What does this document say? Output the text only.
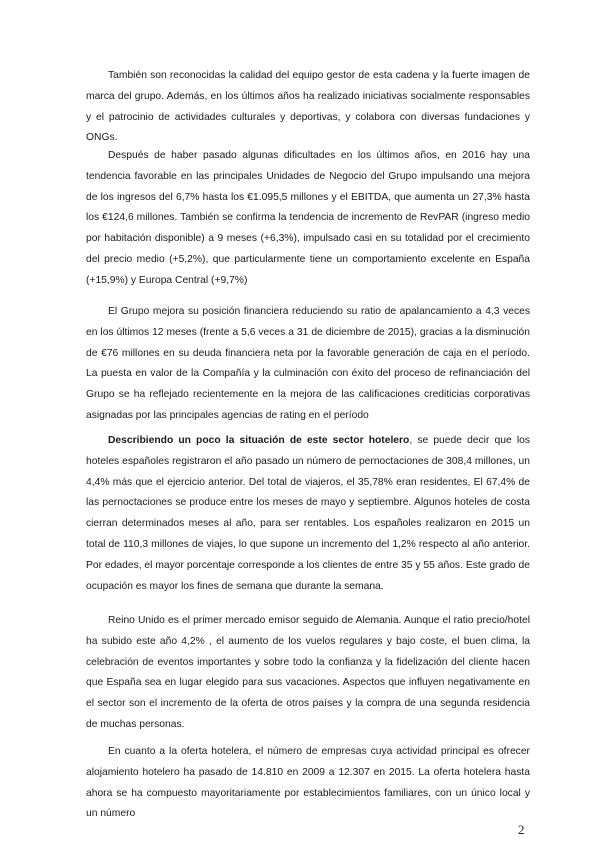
También son reconocidas la calidad del equipo gestor de esta cadena y la fuerte imagen de marca del grupo. Además, en los últimos años ha realizado iniciativas socialmente responsables y el patrocinio de actividades culturales y deportivas, y colabora con diversas fundaciones y ONGs.

Después de haber pasado algunas dificultades en los últimos años, en 2016 hay una tendencia favorable en las principales Unidades de Negocio del Grupo impulsando una mejora de los ingresos del 6,7% hasta los €1.095,5 millones y el EBITDA, que aumenta un 27,3% hasta los €124,6 millones. También se confirma la tendencia de incremento de RevPAR (ingreso medio por habitación disponible) a 9 meses (+6,3%), impulsado casi en su totalidad por el crecimiento del precio medio (+5,2%), que particularmente tiene un comportamiento excelente en España (+15,9%) y Europa Central (+9,7%)

El Grupo mejora su posición financiera reduciendo su ratio de apalancamiento a 4,3 veces en los últimos 12 meses (frente a 5,6 veces a 31 de diciembre de 2015), gracias a la disminución de €76 millones en su deuda financiera neta por la favorable generación de caja en el período. La puesta en valor de la Compañía y la culminación con éxito del proceso de refinanciación del Grupo se ha reflejado recientemente en la mejora de las calificaciones crediticias corporativas asignadas por las principales agencias de rating en el período

Describiendo un poco la situación de este sector hotelero, se puede decir que los hoteles españoles registraron el año pasado un número de pernoctaciones de 308,4 millones, un 4,4% más que el ejercicio anterior. Del total de viajeros, el 35,78% eran residentes, El 67,4% de las pernoctaciones se produce entre los meses de mayo y septiembre. Algunos hoteles de costa cierran determinados meses al año, para ser rentables. Los españoles realizaron en 2015 un total de 110,3 millones de viajes, lo que supone un incremento del 1,2% respecto al año anterior. Por edades, el mayor porcentaje corresponde a los clientes de entre 35 y 55 años. Este grado de ocupación es mayor los fines de semana que durante la semana.

Reino Unido es el primer mercado emisor seguido de Alemania. Aunque el ratio precio/hotel ha subido este año 4,2% , el aumento de los vuelos regulares y bajo coste, el buen clima, la celebración de eventos importantes y sobre todo la confianza y la fidelización del cliente hacen que España sea en lugar elegido para sus vacaciones. Aspectos que influyen negativamente en el sector son el incremento de la oferta de otros países y la compra de una segunda residencia de muchas personas.

En cuanto a la oferta hotelera, el número de empresas cuya actividad principal es ofrecer alojamiento hotelero ha pasado de 14.810 en 2009 a 12.307 en 2015. La oferta hotelera hasta ahora se ha compuesto mayoritariamente por establecimientos familiares, con un único local y un número

2
